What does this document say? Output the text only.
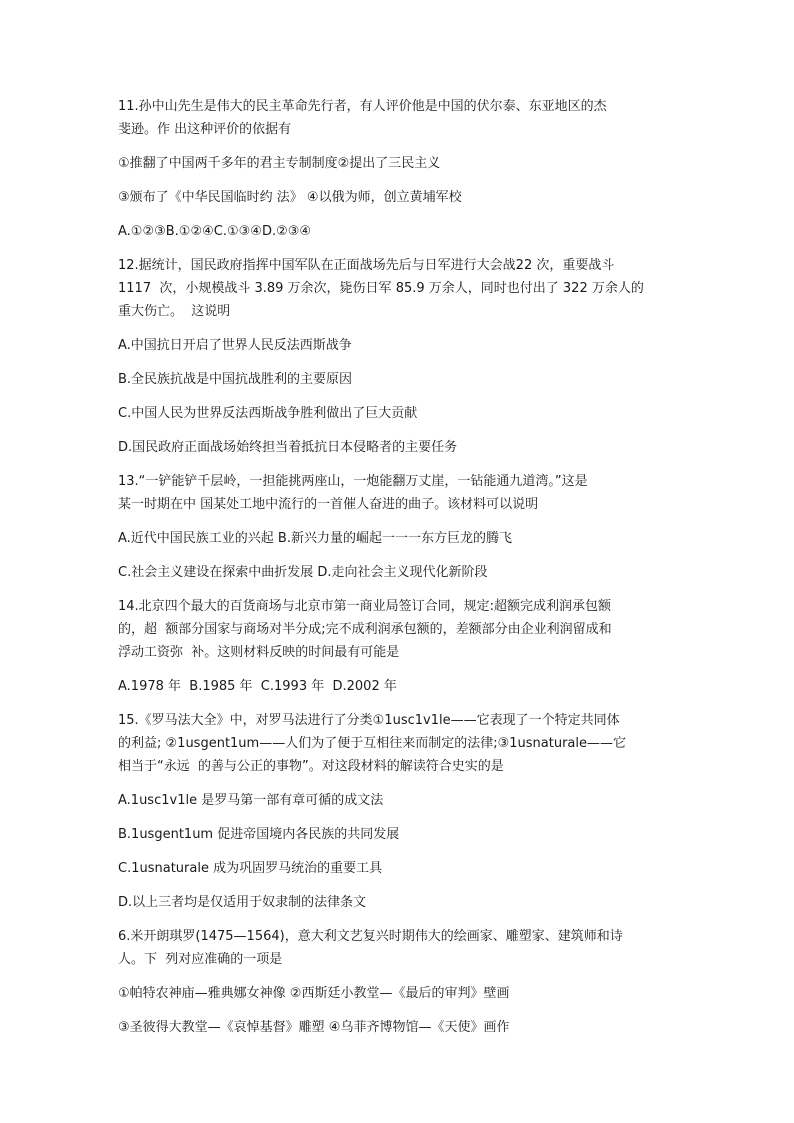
11.孙中山先生是伟大的民主革命先行者，有人评价他是中国的伏尔泰、东亚地区的杰
斐逊。作 出这种评价的依据有
①推翻了中国两千多年的君主专制制度②提出了三民主义
③颁布了《中华民国临时约 法》 ④以俄为师，创立黄埔军校
A.①②③B.①②④C.①③④D.②③④
12.据统计，国民政府指挥中国军队在正面战场先后与日军进行大会战22 次，重要战斗
1117  次，小规模战斗 3.89 万余次，毙伤日军 85.9 万余人，同时也付出了 322 万余人的
重大伤亡。  这说明
A.中国抗日开启了世界人民反法西斯战争
B.全民族抗战是中国抗战胜利的主要原因
C.中国人民为世界反法西斯战争胜利做出了巨大贡献
D.国民政府正面战场始终担当着抵抗日本侵略者的主要任务
13.“一铲能铲千层岭，一担能挑两座山，一炮能翻万丈崖，一钻能通九道湾。”这是
某一时期在中 国某处工地中流行的一首催人奋进的曲子。该材料可以说明
A.近代中国民族工业的兴起 B.新兴力量的崛起一一一东方巨龙的腾飞
C.社会主义建设在探索中曲折发展 D.走向社会主义现代化新阶段
14.北京四个最大的百货商场与北京市第一商业局签订合同，规定:超额完成利润承包额
的，超  额部分国家与商场对半分成;完不成利润承包额的，差额部分由企业利润留成和
浮动工资弥  补。这则材料反映的时间最有可能是
A.1978 年  B.1985 年  C.1993 年  D.2002 年
15.《罗马法大全》中，对罗马法进行了分类①1usc1v1le——它表现了一个特定共同体
的利益; ②1usgent1um——人们为了便于互相往来而制定的法律;③1usnaturale——它
相当于“永远  的善与公正的事物”。对这段材料的解读符合史实的是
A.1usc1v1le 是罗马第一部有章可循的成文法
B.1usgent1um 促进帝国境内各民族的共同发展
C.1usnaturale 成为巩固罗马统治的重要工具
D.以上三者均是仅适用于奴隶制的法律条文
6.米开朗琪罗(1475—1564)，意大利文艺复兴时期伟大的绘画家、雕塑家、建筑师和诗
人。下  列对应准确的一项是
①帕特农神庙—雅典娜女神像 ②西斯廷小教堂—《最后的审判》壁画
③圣彼得大教堂—《哀悼基督》雕塑 ④乌菲齐博物馆—《天使》画作
